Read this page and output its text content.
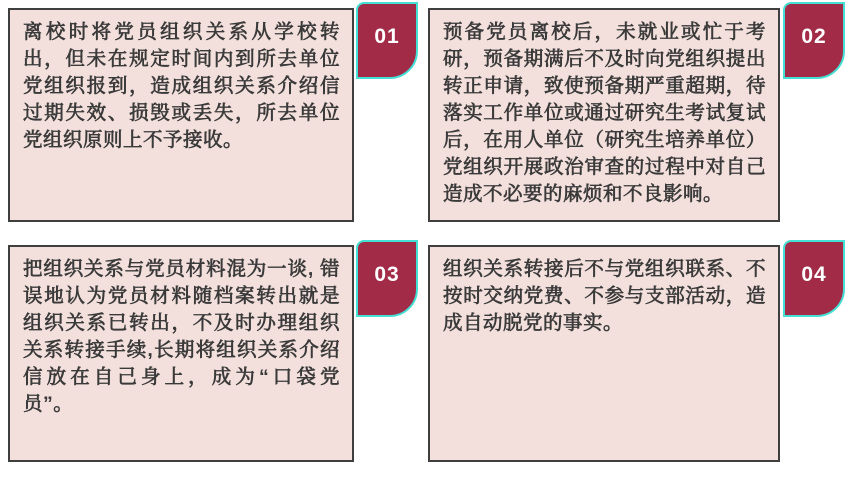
离校时将党员组织关系从学校转出，但未在规定时间内到所去单位党组织报到，造成组织关系介绍信过期失效、损毁或丢失，所去单位党组织原则上不予接收。

01 预备党员离校后，未就业或忙于考研，预备期满后不及时向党组织提出转正申请，致使预备期严重超期，待落实工作单位或通过研究生考试复试后，在用人单位（研究生培养单位）党组织开展政治审查的过程中对自己造成不必要的麻烦和不良影响。

02

把组织关系与党员材料混为一谈, 错误地认为党员材料随档案转出就是组织关系已转出，不及时办理组织关系转接手续,长期将组织关系介绍信放在自己身上，成为“口袋党员”。

03 组织关系转接后不与党组织联系、不按时交纳党费、不参与支部活动，造成自动脱党的事实。

04
